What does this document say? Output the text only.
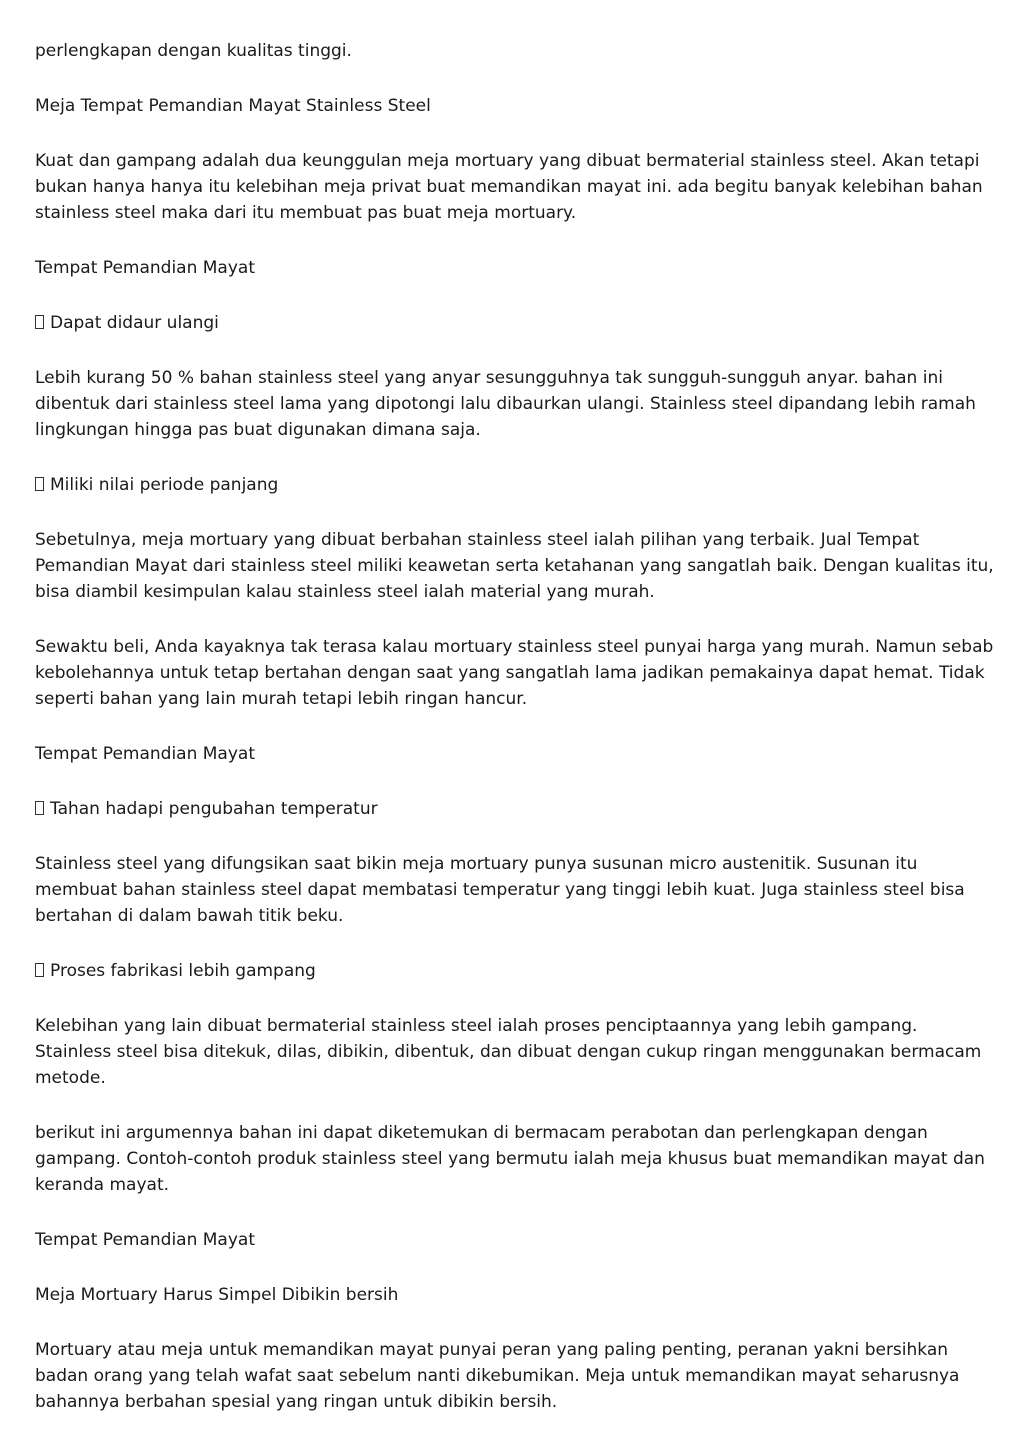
perlengkapan dengan kualitas tinggi.

Meja Tempat Pemandian Mayat Stainless Steel

Kuat dan gampang adalah dua keunggulan meja mortuary yang dibuat bermaterial stainless steel. Akan tetapi bukan hanya hanya itu kelebihan meja privat buat memandikan mayat ini. ada begitu banyak kelebihan bahan stainless steel maka dari itu membuat pas buat meja mortuary.

Tempat Pemandian Mayat

Dapat didaur ulangi

Lebih kurang 50 % bahan stainless steel yang anyar sesungguhnya tak sungguh-sungguh anyar. bahan ini dibentuk dari stainless steel lama yang dipotongi lalu dibaurkan ulangi. Stainless steel dipandang lebih ramah lingkungan hingga pas buat digunakan dimana saja.

Miliki nilai periode panjang

Sebetulnya, meja mortuary yang dibuat berbahan stainless steel ialah pilihan yang terbaik. Jual Tempat Pemandian Mayat dari stainless steel miliki keawetan serta ketahanan yang sangatlah baik. Dengan kualitas itu, bisa diambil kesimpulan kalau stainless steel ialah material yang murah.

Sewaktu beli, Anda kayaknya tak terasa kalau mortuary stainless steel punyai harga yang murah. Namun sebab kebolehannya untuk tetap bertahan dengan saat yang sangatlah lama jadikan pemakainya dapat hemat. Tidak seperti bahan yang lain murah tetapi lebih ringan hancur.

Tempat Pemandian Mayat

Tahan hadapi pengubahan temperatur

Stainless steel yang difungsikan saat bikin meja mortuary punya susunan micro austenitik. Susunan itu membuat bahan stainless steel dapat membatasi temperatur yang tinggi lebih kuat. Juga stainless steel bisa bertahan di dalam bawah titik beku.

Proses fabrikasi lebih gampang

Kelebihan yang lain dibuat bermaterial stainless steel ialah proses penciptaannya yang lebih gampang. Stainless steel bisa ditekuk, dilas, dibikin, dibentuk, dan dibuat dengan cukup ringan menggunakan bermacam metode.

berikut ini argumennya bahan ini dapat diketemukan di bermacam perabotan dan perlengkapan dengan gampang. Contoh-contoh produk stainless steel yang bermutu ialah meja khusus buat memandikan mayat dan keranda mayat.

Tempat Pemandian Mayat

Meja Mortuary Harus Simpel Dibikin bersih

Mortuary atau meja untuk memandikan mayat punyai peran yang paling penting, peranan yakni bersihkan badan orang yang telah wafat saat sebelum nanti dikebumikan. Meja untuk memandikan mayat seharusnya bahannya berbahan spesial yang ringan untuk dibikin bersih.
